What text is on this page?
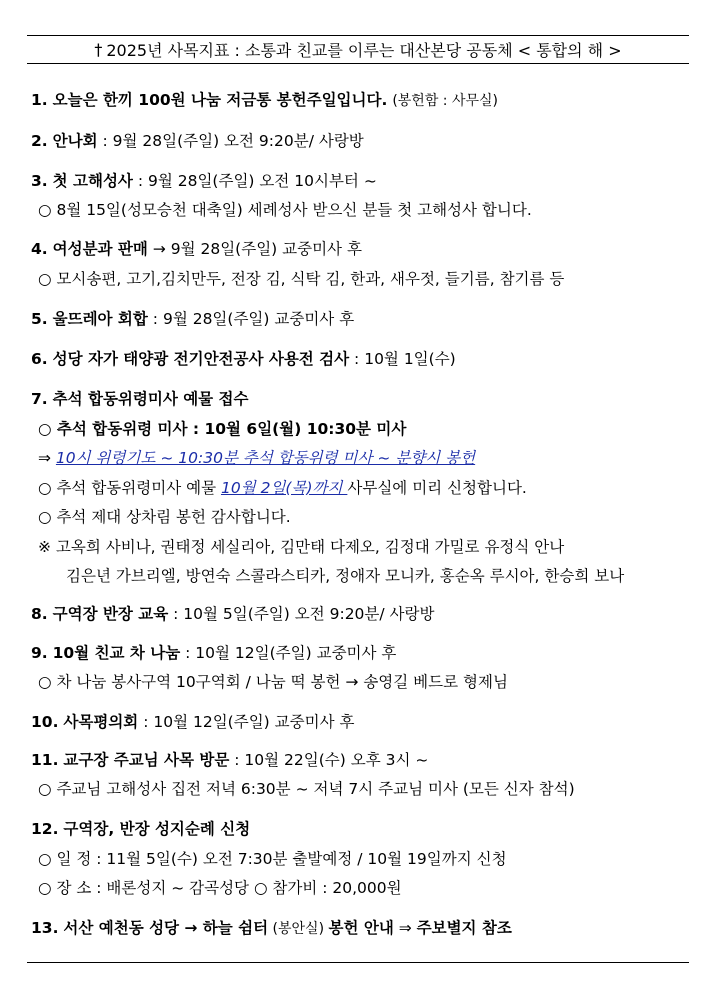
† 2025년 사목지표 : 소통과 친교를 이루는 대산본당 공동체 < 통합의 해 >
1. 오늘은 한끼 100원 나눔 저금통 봉헌주일입니다. (봉헌함 : 사무실)
2. 안나회 : 9월 28일(주일) 오전 9:20분/ 사랑방
3. 첫 고해성사 : 9월 28일(주일) 오전 10시부터 ~
○ 8월 15일(성모승천 대축일) 세례성사 받으신 분들 첫 고해성사 합니다.
4. 여성분과 판매 → 9월 28일(주일) 교중미사 후
○ 모시송편, 고기,김치만두, 전장 김, 식탁 김, 한과, 새우젓, 들기름, 참기름 등
5. 울뜨레아 회합 : 9월 28일(주일) 교중미사 후
6. 성당 자가 태양광 전기안전공사 사용전 검사 : 10월 1일(수)
7. 추석 합동위령미사 예물 접수
○ 추석 합동위령 미사 : 10월 6일(월) 10:30분 미사
⇒ 10시 위령기도 ~ 10:30분 추석 합동위령 미사 ~ 분향시 봉헌
○ 추석 합동위령미사 예물 10월 2일(목)까지 사무실에 미리 신청합니다.
○ 추석 제대 상차림 봉헌 감사합니다.
※ 고옥희 사비나, 권태정 세실리아, 김만태 다제오, 김정대 가밀로 유정식 안나
김은년 가브리엘, 방연숙 스콜라스티카, 정애자 모니카, 홍순옥 루시아, 한승희 보나
8. 구역장 반장 교육 : 10월 5일(주일) 오전 9:20분/ 사랑방
9. 10월 친교 차 나눔 : 10월 12일(주일) 교중미사 후
○ 차 나눔 봉사구역 10구역회 / 나눔 떡 봉헌 → 송영길 베드로 형제님
10. 사목평의회 : 10월 12일(주일) 교중미사 후
11. 교구장 주교님 사목 방문 : 10월 22일(수) 오후 3시 ~
○ 주교님 고해성사 집전 저녁 6:30분 ~ 저녁 7시 주교님 미사 (모든 신자 참석)
12. 구역장, 반장 성지순례 신청
○ 일 정 : 11월 5일(수) 오전 7:30분 출발예정 / 10월 19일까지 신청
○ 장 소 : 배론성지 ~ 감곡성당 ○ 참가비 : 20,000원
13. 서산 예천동 성당 → 하늘 쉼터 (봉안실) 봉헌 안내 ⇒ 주보별지 참조
